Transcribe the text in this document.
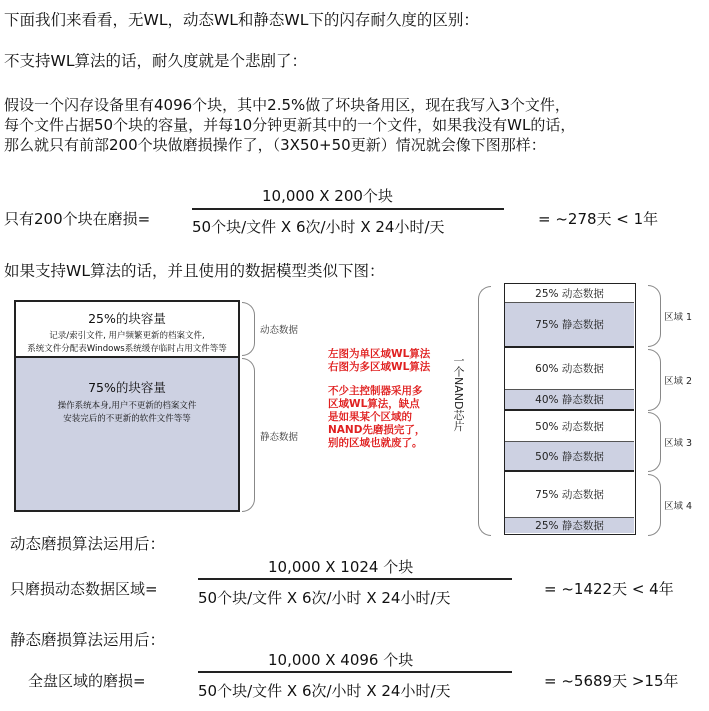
下面我们来看看，无WL，动态WL和静态WL下的闪存耐久度的区别：
不支持WL算法的话，耐久度就是个悲剧了：
假设一个闪存设备里有4096个块，其中2.5%做了坏块备用区，现在我写入3个文件，
每个文件占据50个块的容量，并每10分钟更新其中的一个文件，如果我没有WL的话，
那么就只有前部200个块做磨损操作了，（3X50+50更新）情况就会像下图那样：
只有200个块在磨损=
10,000 X 200个块
50个块/文件 X 6次/小时 X 24小时/天	= ~278天 < 1年
如果支持WL算法的话，并且使用的数据模型类似下图：
25%的块容量
记录/索引文件, 用户频繁更新的档案文件,
系统文件分配表Windows系统缓存临时占用文件等等
75%的块容量
操作系统本身,用户不更新的档案文件
安装完后的不更新的软件文件等等
动态数据
静态数据
左图为单区域WL算法
右图为多区域WL算法
不少主控制器采用多
区域WL算法，缺点
是如果某个区域的
NAND先磨损完了，
别的区域也就废了。
一个NAND芯片
25% 动态数据
75% 静态数据
60% 动态数据
40% 静态数据
50% 动态数据
50% 静态数据
75% 动态数据
25% 静态数据
区域 1
区域 2
区域 3
区域 4
动态磨损算法运用后：
只磨损动态数据区域=
10,000 X 1024 个块
50个块/文件 X 6次/小时 X 24小时/天	= ~1422天 < 4年
静态磨损算法运用后：
全盘区域的磨损=
10,000 X 4096 个块
50个块/文件 X 6次/小时 X 24小时/天
= ~5689天 >15年
